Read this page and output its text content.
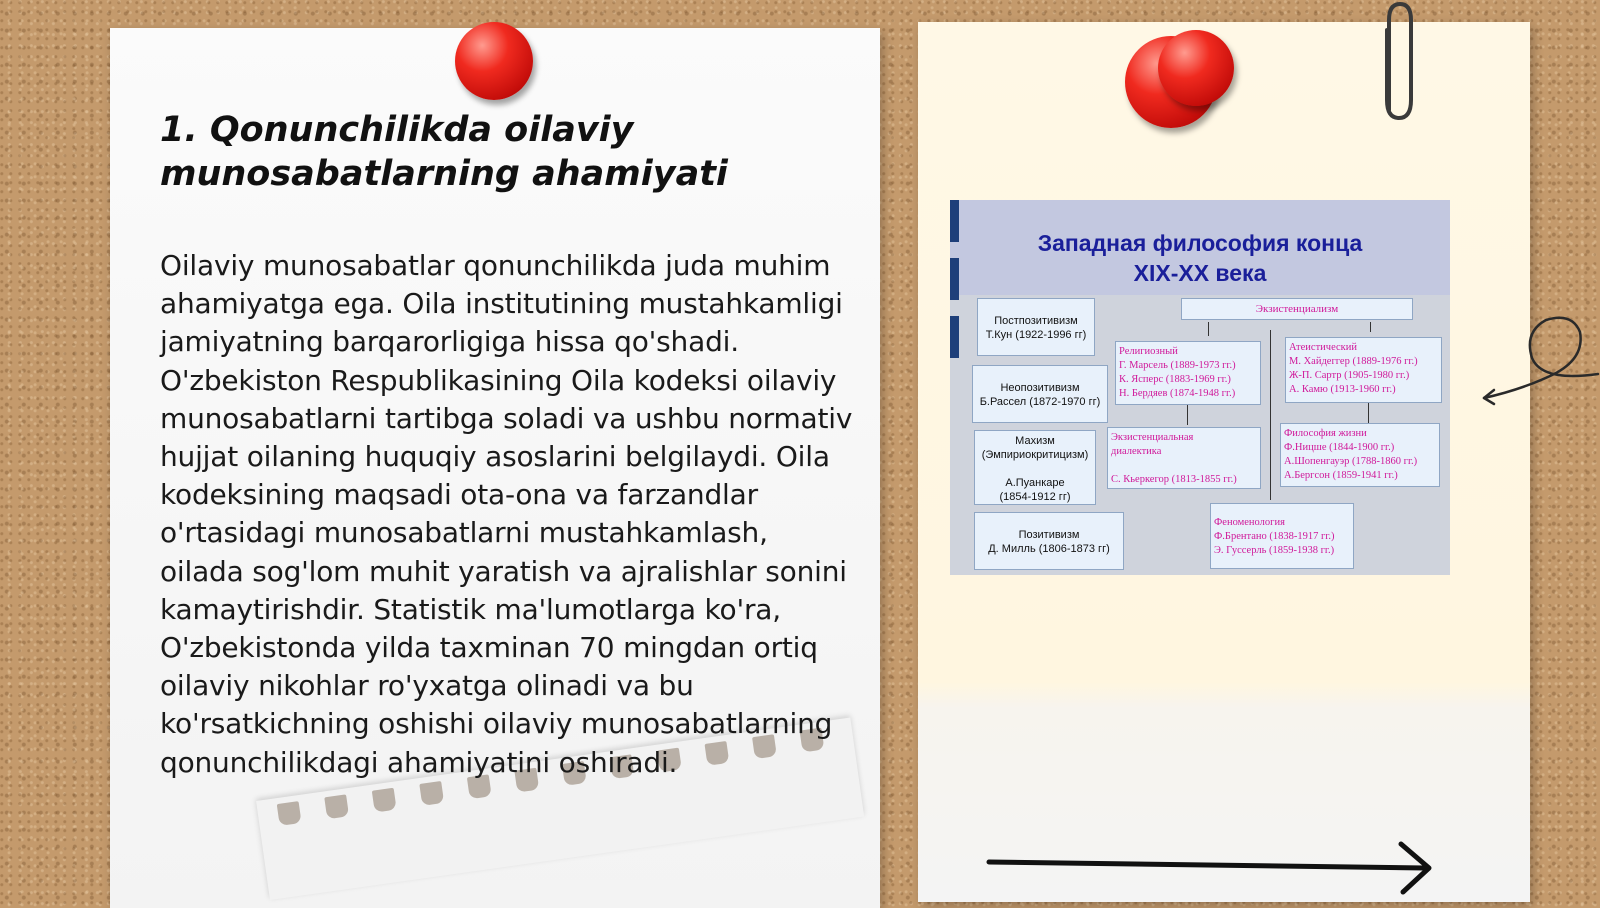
1. Qonunchilikda oilaviy munosabatlarning ahamiyati

Oilaviy munosabatlar qonunchilikda juda muhim ahamiyatga ega. Oila institutining mustahkamligi jamiyatning barqarorligiga hissa qo'shadi. O'zbekiston Respublikasining Oila kodeksi oilaviy munosabatlarni tartibga soladi va ushbu normativ hujjat oilaning huquqiy asoslarini belgilaydi. Oila kodeksining maqsadi ota-ona va farzandlar o'rtasidagi munosabatlarni mustahkamlash, oilada sog'lom muhit yaratish va ajralishlar sonini kamaytirishdir. Statistik ma'lumotlarga ko'ra, O'zbekistonda yilda taxminan 70 mingdan ortiq oilaviy nikohlar ro'yxatga olinadi va bu ko'rsatkichning oshishi oilaviy munosabatlarning qonunchilikdagi ahamiyatini oshiradi.

Западная философия конца
XIX-XX века
Постпозитивизм
Т.Кун (1922-1996 гг)
Неопозитивизм
Б.Рассел (1872-1970 гг)
Махизм
(Эмпириокритицизм)

А.Пуанкаре
(1854-1912 гг)
Позитивизм
Д. Милль (1806-1873 гг)
Экзистенциализм
Религиозный
Г. Марсель (1889-1973 гг.)
К. Ясперс (1883-1969 гг.)
Н. Бердяев (1874-1948 гг.)
Атеистический
М. Хайдеггер (1889-1976 гг.)
Ж-П. Сартр (1905-1980 гг.)
А. Камю (1913-1960 гг.)
Экзистенциальная
диалектика

С. Кьеркегор (1813-1855 гг.)
Философия жизни
Ф.Ницше (1844-1900 гг.)
А.Шопенгауэр (1788-1860 гг.)
А.Бергсон (1859-1941 гг.)
Феноменология
Ф.Брентано (1838-1917 гг.)
Э. Гуссерль (1859-1938 гг.)
